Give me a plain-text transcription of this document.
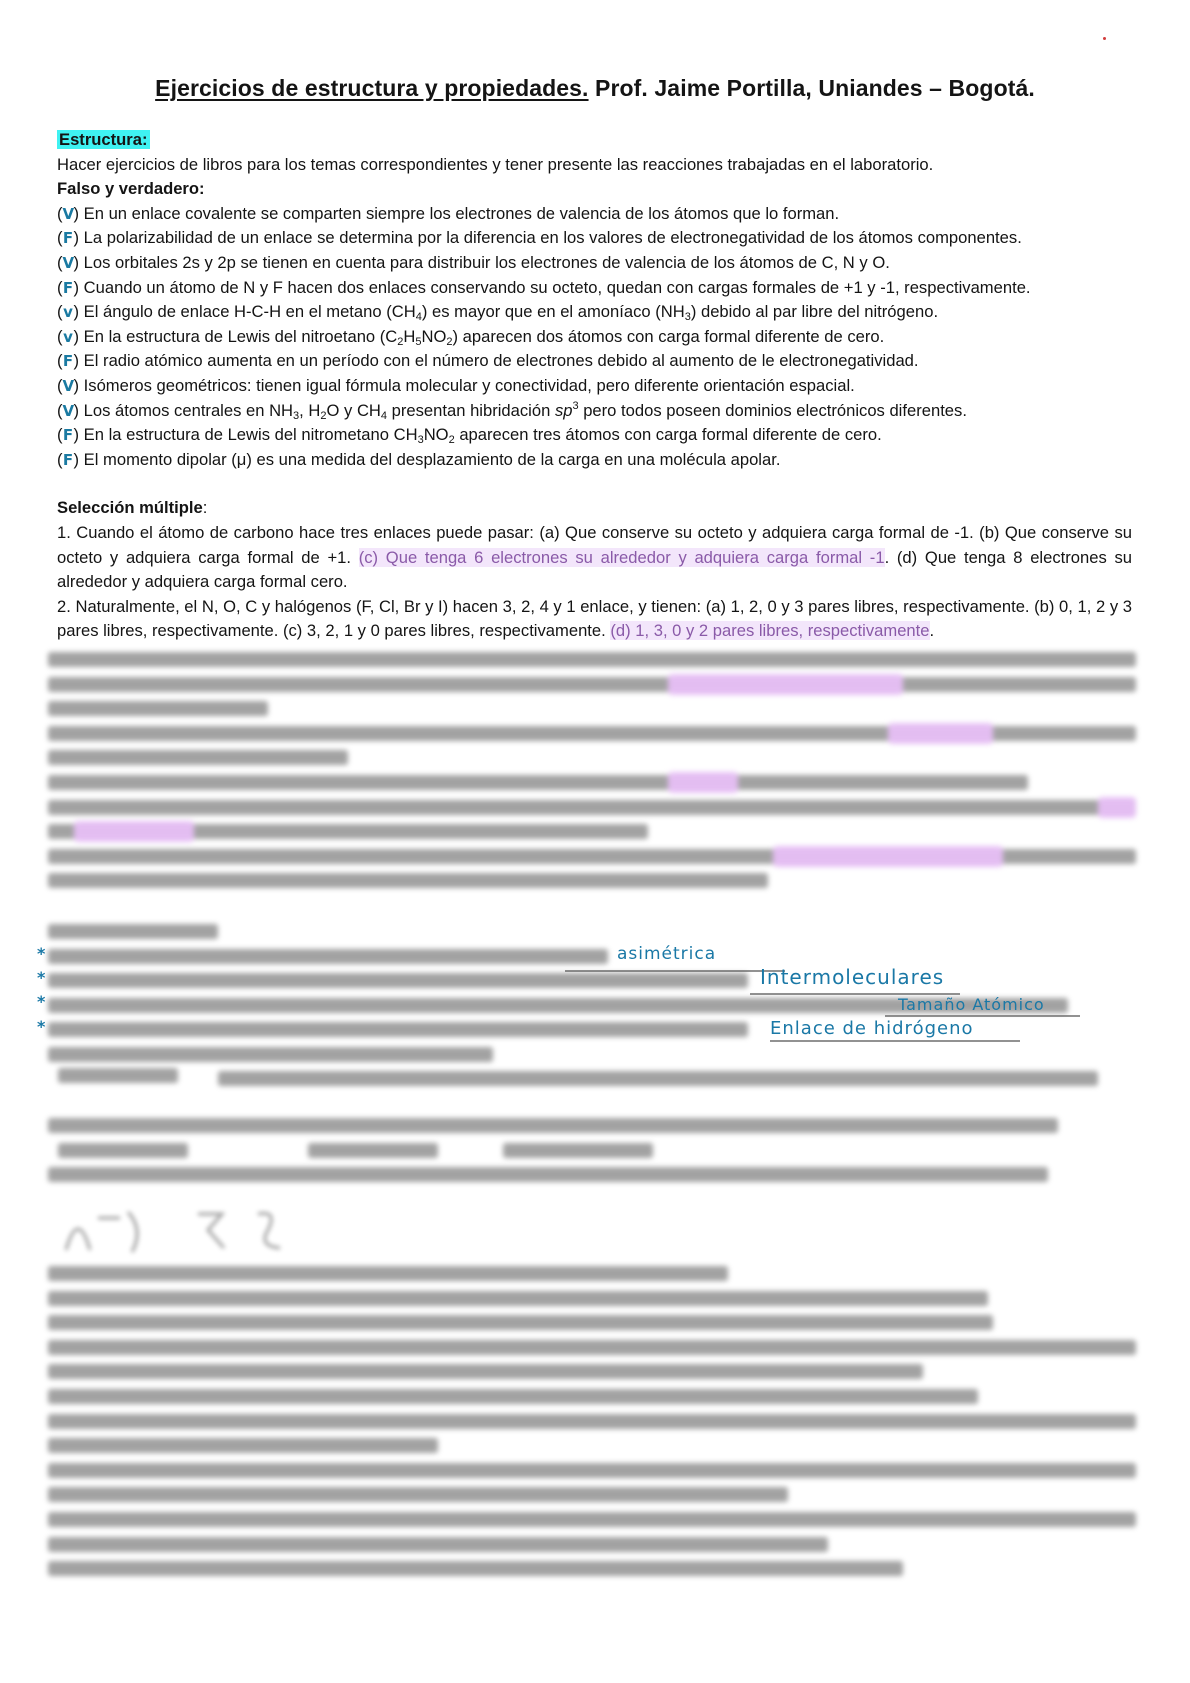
Ejercicios de estructura y propiedades. Prof. Jaime Portilla, Uniandes – Bogotá.

Estructura:

Hacer ejercicios de libros para los temas correspondientes y tener presente las reacciones trabajadas en el laboratorio.

Falso y verdadero:

(V) En un enlace covalente se comparten siempre los electrones de valencia de los átomos que lo forman.

(F) La polarizabilidad de un enlace se determina por la diferencia en los valores de electronegatividad de los átomos componentes.

(V) Los orbitales 2s y 2p se tienen en cuenta para distribuir los electrones de valencia de los átomos de C, N y O.

(F) Cuando un átomo de N y F hacen dos enlaces conservando su octeto, quedan con cargas formales de +1 y -1, respectivamente.

(v) El ángulo de enlace H-C-H en el metano $(CH_4)$ es mayor que en el amoníaco $(NH_3)$ debido al par libre del nitrógeno.

(v) En la estructura de Lewis del nitroetano $(C_2H_5NO_2)$ aparecen dos átomos con carga formal diferente de cero.

(F) El radio atómico aumenta en un período con el número de electrones debido al aumento de le electronegatividad.

(V) Isómeros geométricos: tienen igual fórmula molecular y conectividad, pero diferente orientación espacial.

(V) Los átomos centrales en $NH_3$, $H_2O$ y $CH_4$ presentan hibridación $sp^3$ pero todos poseen dominios electrónicos diferentes.

(F) En la estructura de Lewis del nitrometano $CH_3NO_2$ aparecen tres átomos con carga formal diferente de cero.

(F) El momento dipolar (μ) es una medida del desplazamiento de la carga en una molécula apolar.

Selección múltiple:

1. Cuando el átomo de carbono hace tres enlaces puede pasar: (a) Que conserve su octeto y adquiera carga formal de -1. (b) Que conserve su octeto y adquiera carga formal de +1. (c) Que tenga 6 electrones su alrededor y adquiera carga formal -1. (d) Que tenga 8 electrones su alrededor y adquiera carga formal cero.

2. Naturalmente, el N, O, C y halógenos (F, Cl, Br y I) hacen 3, 2, 4 y 1 enlace, y tienen: (a) 1, 2, 0 y 3 pares libres, respectivamente. (b) 0, 1, 2 y 3 pares libres, respectivamente. (c) 3, 2, 1 y 0 pares libres, respectivamente. (d) 1, 3, 0 y 2 pares libres, respectivamente.

*
*
*
*
asimétrica
Intermoleculares
Tamaño Atómico
Enlace de hidrógeno
